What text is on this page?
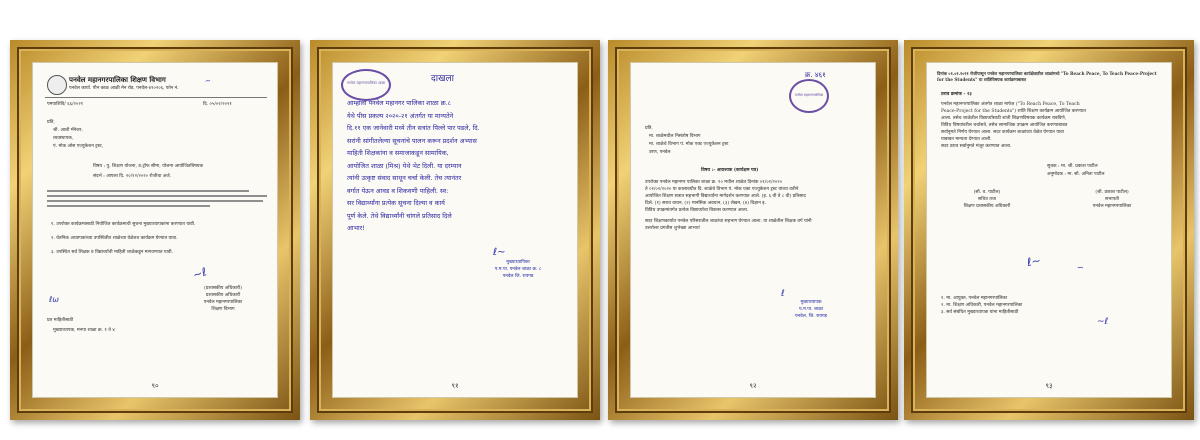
पनवेल महानगरपालिका शिक्षण विभाग
पनवेल कार्या. पीन काळ आळी मेन रोड, पनवेल-४१०२०६, फोन नं.
पमपाशिवि/ ६६/२०२१	दि. ०५/०२/२०२१
~
प्रति,
श्री. आशी मॅनेजर,
व्यवस्थापक,
पं. मोक ओस एज्युकेशन ट्रस्ट,
विषय : पु. शिक्षण योजना, ठ.ट्रॉफ सीमा, योजना आयोजितविषयक
संदर्भ : आपला दि. २०/१२/२०२० रोजीचा अर्ज.
१. उपरोक्त कार्यक्रमासाठी नियोजित कार्यक्रमाची सुचना मुख्याध्यापकांना करण्यात यावी.
२. वेतनिक अध्यापकांच्या उपस्थितीत शाळेच्या वेळेतच कार्यक्रम घेण्यात यावा.
३. उपस्थित सर्व शिक्षक व विद्यार्थ्यांची माहिती शाळेकडून मागवण्यात यावी.
∼ℓ
(प्रशासकीय अधिकारी)
प्रशासकीय अधिकारी
पनवेल महानगरपालिका
शिक्षण विभाग
ℓω
प्रत माहितीसाठी
मुख्याध्यापक, मनपा शाळा क्र. १ ते ४
९०
पनवेल महानगरपालिका शाळा	दाखला
आम्हांला पनवेल महानगर पालिका शाळा क्र.८
येथे पीस प्रकल्प २०२०-२१ अंतर्गत या मान्यतेने
दि.११ एक जानेवारी मध्ये तीन सत्रांत पिल्ले पार पडले, दि.
सरांनी सांगीतलेल्या सूचनांचे पालन करून प्रदर्शन अभ्यास
माहिती शिक्षकांना व समाजाकडून सामायिक,
आयोजित शाळा (मिश्र) येथे भेट दिली. या दरम्यान
त्यांनी उत्कृष्ट संवाद साधून चर्चा केली. तेच त्यानंतर
वर्गात येऊन आवड व शिकवणी पाहिली. स्व:
सर विद्यार्थ्यांना प्रत्येक सूचना दिल्या व कार्य
पूर्ण केले. तेथे विद्यार्थ्यांनी चांगले प्रतिसाद दिले
आभार!
ℓ~
मुख्याध्यापिका
प.म.पा. पनवेल शाळा क्र. ८
पनवेल जि. रायगड
९१
क्र. ४६१
पनवेल महानगरपालिका
प्रति,
मा. शाळेमधील निसंतोष विभाग
मा. शाळेचे विभाग पं. मोक एक्ट एज्युकेशन ट्रस्ट
उरण, पनवेल
विषय :- आवश्यक (कार्यक्षम पत्र)
उपरोक्त पनवेल महानगर पालिका शाळा क्र. १० मधील शाळेत दिनांक ०१/०१/२०२०
ते ०१/०२/२०२० या कालावधीत दि. शाळेचे विभाग पं. मोक एक्ट एज्युकेशन ट्रस्ट यांच्या वतीने
आयोजित शिक्षण सत्रात सहभागी विद्यार्थ्यांना मार्गदर्शन करण्यात आले. (इ. ६ वी ते ८ वी) प्रतिसाद
दिले. (१) सराव वाचन, (२) मानसिक अवधान, (३) लेखन, (४) विज्ञान इ.
विविध उपक्रमांतर्गत प्रत्येक विद्यार्थ्याचा विकास करण्यात आला.
सदर शिक्षणकार्यात पनवेल परिसरातील शाळांचा सहभाग घेण्यात आला. या शाळेतील शिक्षक वर्ग यांनी
उत्तरोत्तर प्रगतीस शुभेच्छा आभार!
ℓ
मुख्याध्यापक
प.म.पा. शाळा
पनवेल, जि. रायगड
९२
दिनांक ०१.०१.२०२१ रोजीपासून पनवेल महानगरपालिका कार्यक्षेत्रातील शाळांमध्ये "To Reach Peace, To Teach Peace-Project for the Students" या शांतिविषयक कार्यक्रमाबाबत
ठराव क्रमांक - २३
पनवेल महानगरपालिका अंतर्गत शाळा मार्फत ("To Reach Peace, To Teach
Peace-Project for the Students") शांति शिक्षण कार्यक्रम आयोजित करण्यात
आला. तसेच शाळेतील विद्यार्थ्यांसाठी शांती शिक्षणविषयक कार्यक्रम राबविणे,
विविध विषयांवरील चर्चासत्रे, तसेच सामाजिक उपक्रम आयोजित करण्याबाबत
सर्वानुमते निर्णय घेण्यात आला. सदर कार्यक्रम शाळांच्या वेळेत घेण्यात यावा
याबाबत मान्यता देण्यात आली.
सदर ठराव सर्वानुमते मंजूर करण्यात आला.
सुचक : मा. श्री. प्रकाश पाटील
अनुमोदक : मा. सौ. अनिता पाटील
(सौ. व. पाटील)
सचिव तथा
शिक्षण प्रशासकीय अधिकारी
(श्री. प्रकाश पाटील)
सभापती
पनवेल महानगरपालिका
ℓ~	∽
१. मा. आयुक्त, पनवेल महानगरपालिका
२. मा. शिक्षण अधिकारी, पनवेल महानगरपालिका
३. सर्व संबंधित मुख्याध्यापक यांना माहितीसाठी
~ℓ
९३
